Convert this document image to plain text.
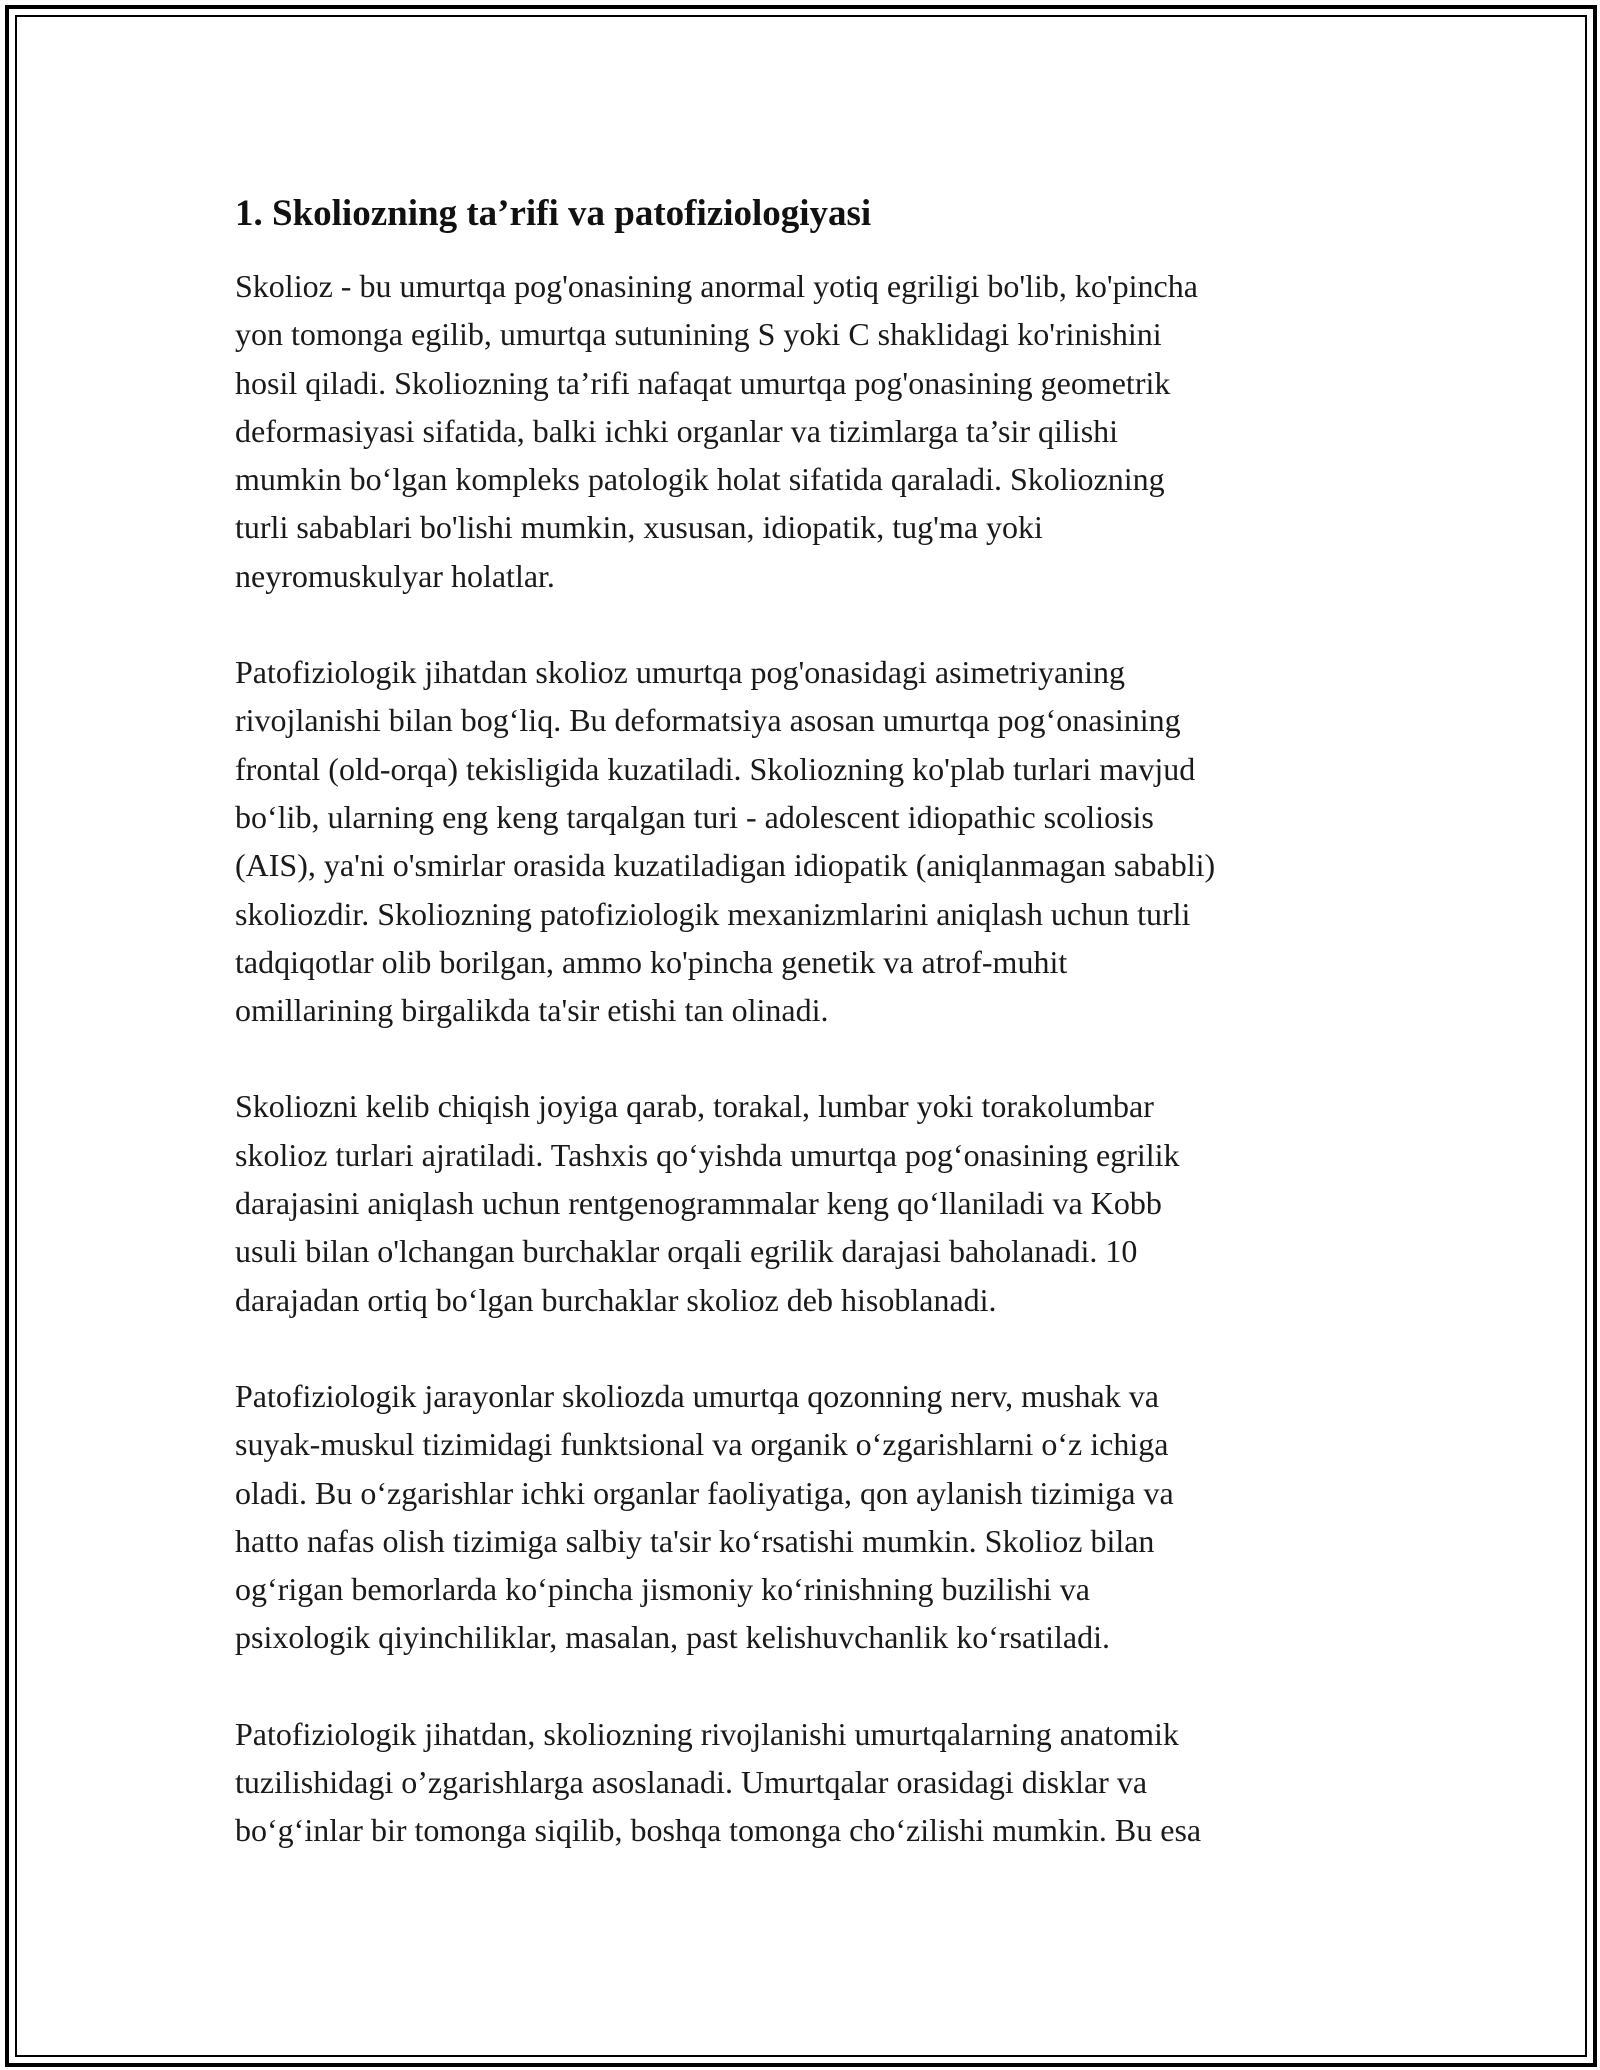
1. Skoliozning ta’rifi va patofiziologiyasi

Skolioz - bu umurtqa pog'onasining anormal yotiq egriligi bo'lib, ko'pincha
yon tomonga egilib, umurtqa sutunining S yoki C shaklidagi ko'rinishini
hosil qiladi. Skoliozning ta’rifi nafaqat umurtqa pog'onasining geometrik
deformasiyasi sifatida, balki ichki organlar va tizimlarga ta’sir qilishi
mumkin bo‘lgan kompleks patologik holat sifatida qaraladi. Skoliozning
turli sabablari bo'lishi mumkin, xususan, idiopatik, tug'ma yoki
neyromuskulyar holatlar.

Patofiziologik jihatdan skolioz umurtqa pog'onasidagi asimetriyaning
rivojlanishi bilan bog‘liq. Bu deformatsiya asosan umurtqa pog‘onasining
frontal (old-orqa) tekisligida kuzatiladi. Skoliozning ko'plab turlari mavjud
bo‘lib, ularning eng keng tarqalgan turi - adolescent idiopathic scoliosis
(AIS), ya'ni o'smirlar orasida kuzatiladigan idiopatik (aniqlanmagan sababli)
skoliozdir. Skoliozning patofiziologik mexanizmlarini aniqlash uchun turli
tadqiqotlar olib borilgan, ammo ko'pincha genetik va atrof-muhit
omillarining birgalikda ta'sir etishi tan olinadi.

Skoliozni kelib chiqish joyiga qarab, torakal, lumbar yoki torakolumbar
skolioz turlari ajratiladi. Tashxis qo‘yishda umurtqa pog‘onasining egrilik
darajasini aniqlash uchun rentgenogrammalar keng qo‘llaniladi va Kobb
usuli bilan o'lchangan burchaklar orqali egrilik darajasi baholanadi. 10
darajadan ortiq bo‘lgan burchaklar skolioz deb hisoblanadi.

Patofiziologik jarayonlar skoliozda umurtqa qozonning nerv, mushak va
suyak-muskul tizimidagi funktsional va organik o‘zgarishlarni o‘z ichiga
oladi. Bu o‘zgarishlar ichki organlar faoliyatiga, qon aylanish tizimiga va
hatto nafas olish tizimiga salbiy ta'sir ko‘rsatishi mumkin. Skolioz bilan
og‘rigan bemorlarda ko‘pincha jismoniy ko‘rinishning buzilishi va
psixologik qiyinchiliklar, masalan, past kelishuvchanlik ko‘rsatiladi.

Patofiziologik jihatdan, skoliozning rivojlanishi umurtqalarning anatomik
tuzilishidagi o’zgarishlarga asoslanadi. Umurtqalar orasidagi disklar va
bo‘g‘inlar bir tomonga siqilib, boshqa tomonga cho‘zilishi mumkin. Bu esa
